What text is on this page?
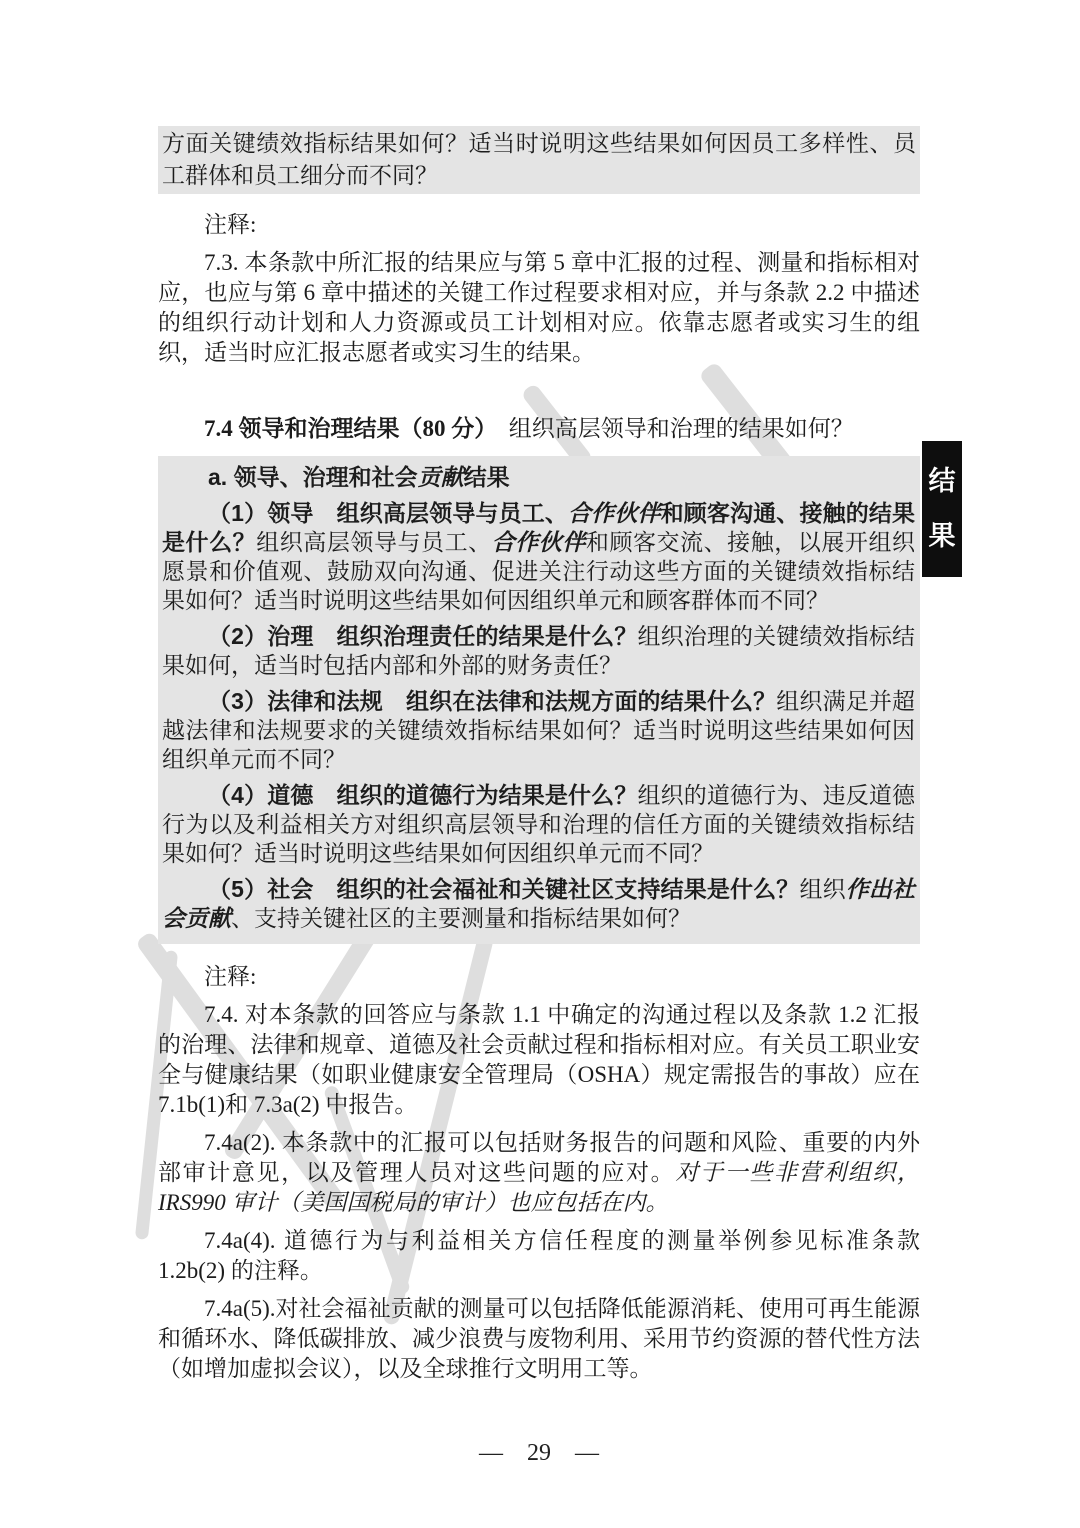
结
果

方面关键绩效指标结果如何？适当时说明这些结果如何因员工多样性、员工群体和员工细分而不同？

注释:

7.3. 本条款中所汇报的结果应与第 5 章中汇报的过程、测量和指标相对应，也应与第 6 章中描述的关键工作过程要求相对应，并与条款 2.2 中描述的组织行动计划和人力资源或员工计划相对应。依靠志愿者或实习生的组织，适当时应汇报志愿者或实习生的结果。

7.4 领导和治理结果（80 分）　组织高层领导和治理的结果如何？

a. 领导、治理和社会贡献结果

（1）领导　组织高层领导与员工、合作伙伴和顾客沟通、接触的结果是什么？组织高层领导与员工、合作伙伴和顾客交流、接触，以展开组织愿景和价值观、鼓励双向沟通、促进关注行动这些方面的关键绩效指标结果如何？适当时说明这些结果如何因组织单元和顾客群体而不同？

（2）治理　组织治理责任的结果是什么？组织治理的关键绩效指标结果如何，适当时包括内部和外部的财务责任？

（3）法律和法规　组织在法律和法规方面的结果什么？组织满足并超越法律和法规要求的关键绩效指标结果如何？适当时说明这些结果如何因组织单元而不同？

（4）道德　组织的道德行为结果是什么？组织的道德行为、违反道德行为以及利益相关方对组织高层领导和治理的信任方面的关键绩效指标结果如何？适当时说明这些结果如何因组织单元而不同？

（5）社会　组织的社会福祉和关键社区支持结果是什么？组织作出社会贡献、支持关键社区的主要测量和指标结果如何？

注释:

7.4. 对本条款的回答应与条款 1.1 中确定的沟通过程以及条款 1.2 汇报的治理、法律和规章、道德及社会贡献过程和指标相对应。有关员工职业安全与健康结果（如职业健康安全管理局（OSHA）规定需报告的事故）应在 7.1b(1)和 7.3a(2) 中报告。

7.4a(2). 本条款中的汇报可以包括财务报告的问题和风险、重要的内外部审计意见，以及管理人员对这些问题的应对。对于一些非营利组织，IRS990 审计（美国国税局的审计）也应包括在内。

7.4a(4). 道德行为与利益相关方信任程度的测量举例参见标准条款 1.2b(2) 的注释。

7.4a(5).对社会福祉贡献的测量可以包括降低能源消耗、使用可再生能源和循环水、降低碳排放、减少浪费与废物利用、采用节约资源的替代性方法（如增加虚拟会议），以及全球推行文明用工等。

— 29 —
